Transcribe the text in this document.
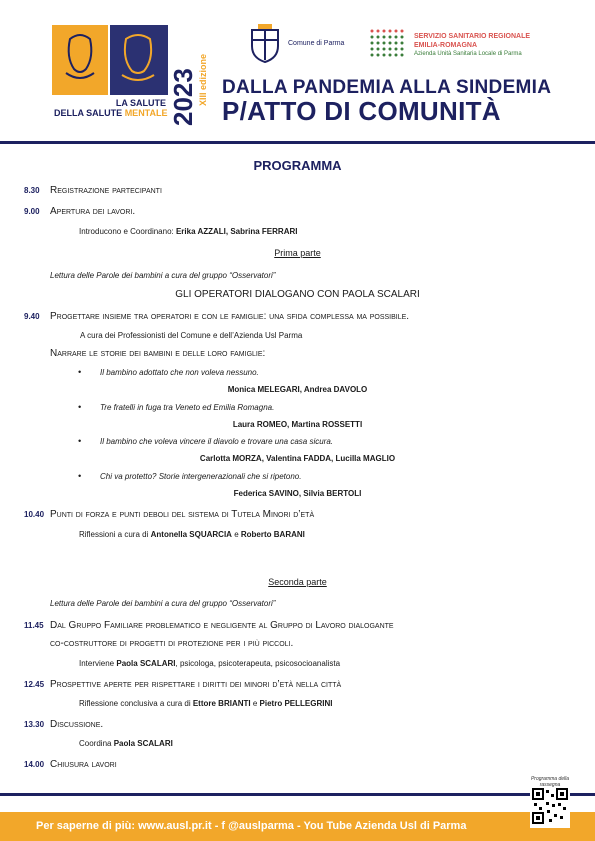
LA SALUTE
DELLA SALUTE MENTALE 2023 XIII edizione
Comune di Parma
SERVIZIO SANITARIO REGIONALE
EMILIA-ROMAGNA
Azienda Unità Sanitaria Locale di Parma
DALLA PANDEMIA ALLA SINDEMIA
P/ATTO DI COMUNITÀ
PROGRAMMA
8.30 Registrazione partecipanti
9.00 Apertura dei lavori.
Introducono e Coordinano: Erika AZZALI, Sabrina FERRARI
Prima parte
Lettura delle Parole dei bambini a cura del gruppo “Osservatori”
GLI OPERATORI DIALOGANO CON PAOLA SCALARI
9.40 Progettare insieme tra operatori e con le famiglie: una sfida complessa ma possibile.
A cura dei Professionisti del Comune e dell’Azienda Usl Parma
Narrare le storie dei bambini e delle loro famiglie:
• Il bambino adottato che non voleva nessuno.
Monica MELEGARI, Andrea DAVOLO
• Tre fratelli in fuga tra Veneto ed Emilia Romagna.
Laura ROMEO, Martina ROSSETTI
• Il bambino che voleva vincere il diavolo e trovare una casa sicura.
Carlotta MORZA, Valentina FADDA, Lucilla MAGLIO
• Chi va protetto? Storie intergenerazionali che si ripetono.
Federica SAVINO, Silvia BERTOLI
10.40 Punti di forza e punti deboli del sistema di Tutela Minori d’età
Riflessioni a cura di Antonella SQUARCIA e Roberto BARANI
Seconda parte
Lettura delle Parole dei bambini a cura del gruppo “Osservatori”
11.45 Dal Gruppo Familiare problematico e negligente al Gruppo di Lavoro dialogante
co-costruttore di progetti di protezione per i più piccoli.
Interviene Paola SCALARI, psicologa, psicoterapeuta, psicosocioanalista
12.45 Prospettive aperte per rispettare i diritti dei minori d’età nella città
Riflessione conclusiva a cura di Ettore BRIANTI e Pietro PELLEGRINI
13.30 Discussione.
Coordina Paola SCALARI
14.00 Chiusura lavori
Per saperne di più: www.ausl.pr.it - f @auslparma - You Tube Azienda Usl di Parma
Programma della rassegna
